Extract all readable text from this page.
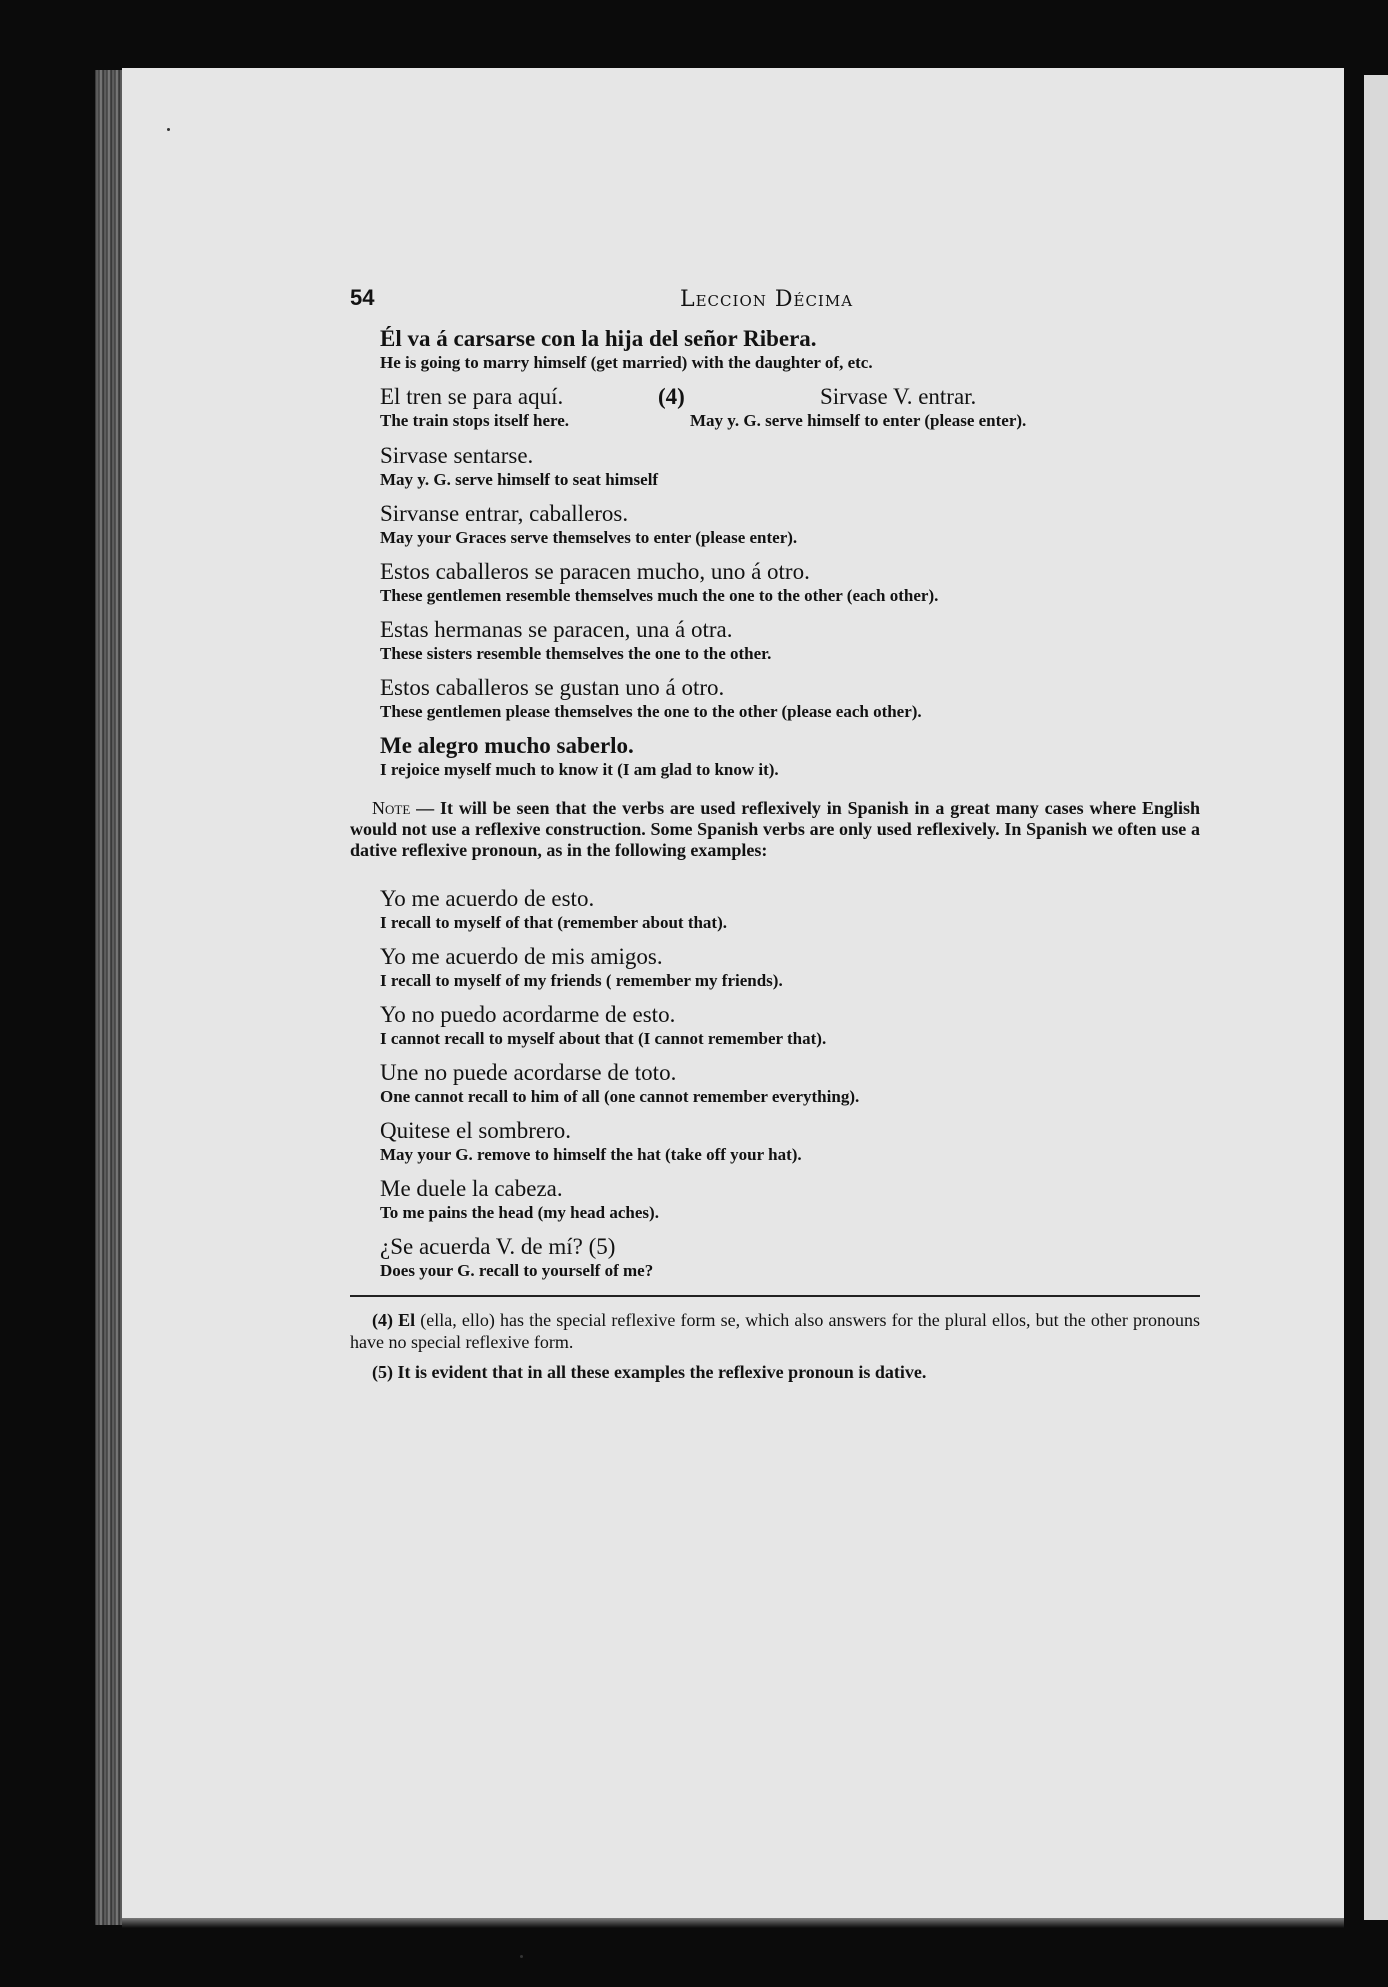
54	Leccion Décima
Él va á carsarse con la hija del señor Ribera.
He is going to marry himself (get married) with the daughter of, etc.
El tren se para aquí.	(4)	Sirvase V. entrar.
The train stops itself here.	May y. G. serve himself to enter (please enter).
Sirvase sentarse.
May y. G. serve himself to seat himself
Sirvanse entrar, caballeros.
May your Graces serve themselves to enter (please enter).
Estos caballeros se paracen mucho, uno á otro.
These gentlemen resemble themselves much the one to the other (each other).
Estas hermanas se paracen, una á otra.
These sisters resemble themselves the one to the other.
Estos caballeros se gustan uno á otro.
These gentlemen please themselves the one to the other (please each other).
Me alegro mucho saberlo.
I rejoice myself much to know it (I am glad to know it).
Note — It will be seen that the verbs are used reflexively in Spanish in a great many cases where English would not use a reflexive construction. Some Spanish verbs are only used reflexively. In Spanish we often use a dative reflexive pronoun, as in the following examples:
Yo me acuerdo de esto.
I recall to myself of that (remember about that).
Yo me acuerdo de mis amigos.
I recall to myself of my friends ( remember my friends).
Yo no puedo acordarme de esto.
I cannot recall to myself about that (I cannot remember that).
Une no puede acordarse de toto.
One cannot recall to him of all (one cannot remember everything).
Quitese el sombrero.
May your G. remove to himself the hat (take off your hat).
Me duele la cabeza.
To me pains the head (my head aches).
¿Se acuerda V. de mí? (5)
Does your G. recall to yourself of me?
(4) El (ella, ello) has the special reflexive form se, which also answers for the plural ellos, but the other pronouns have no special reflexive form.
(5) It is evident that in all these examples the reflexive pronoun is dative.
